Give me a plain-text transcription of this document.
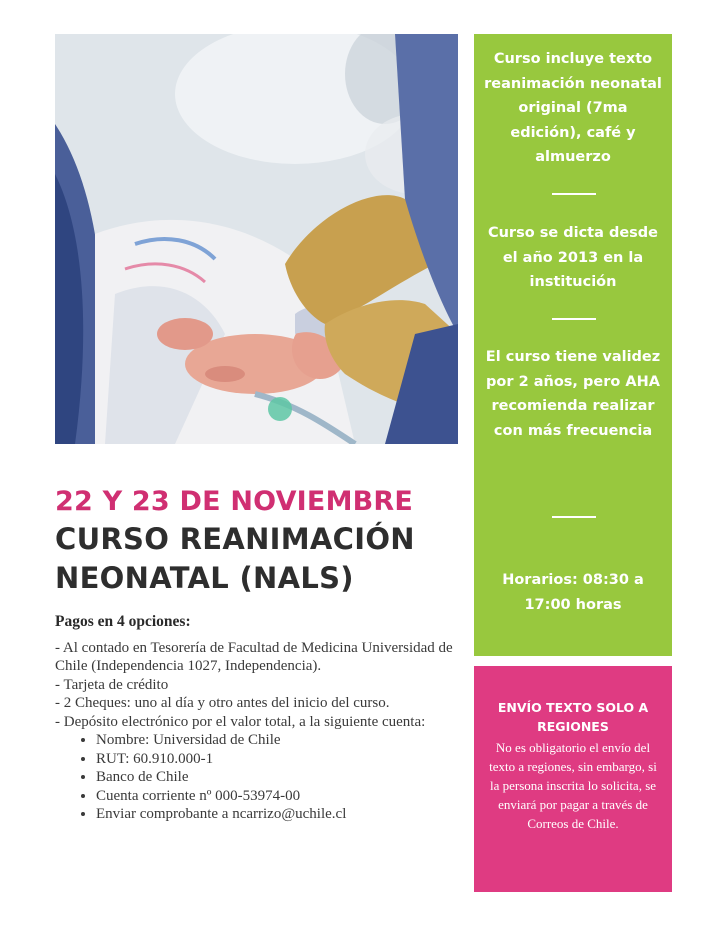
22 Y 23 DE NOVIEMBRE
CURSO REANIMACIÓN
NEONATAL (NALS)
Pagos en 4 opciones:

- Al contado en Tesorería de Facultad de Medicina Universidad de Chile (Independencia 1027, Independencia).

- Tarjeta de crédito

- 2 Cheques: uno al día y otro antes del inicio del curso.

- Depósito electrónico por el valor total, a la siguiente cuenta:

• Nombre: Universidad de Chile
• RUT: 60.910.000-1
• Banco de Chile
• Cuenta corriente nº 000-53974-00
• Enviar comprobante a ncarrizo@uchile.cl
Curso incluye texto reanimación neonatal original (7ma edición), café y almuerzo
Curso se dicta desde el año 2013 en la institución
El curso tiene validez por 2 años, pero AHA recomienda realizar con más frecuencia
Horarios: 08:30 a 17:00 horas
ENVÍO TEXTO SOLO A REGIONES
No es obligatorio el envío del texto a regiones, sin embargo, si la persona inscrita lo solicita, se enviará por pagar a través de Correos de Chile.
